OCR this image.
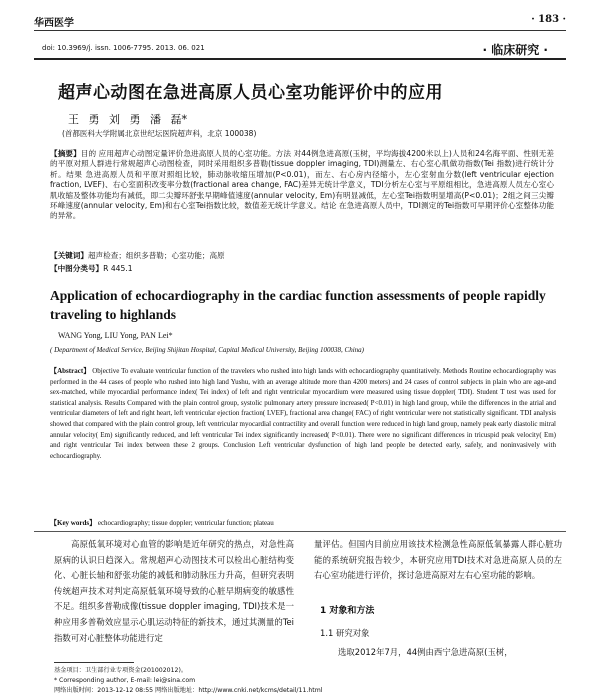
华西医学	· 183 ·
doi: 10.3969/j. issn. 1006-7795. 2013. 06. 021	· 临床研究 ·
超声心动图在急进高原人员心室功能评价中的应用
王 勇 刘 勇 潘 磊*
(首都医科大学附属北京世纪坛医院超声科，北京 100038)
【摘要】目的 应用超声心动图定量评价急进高原人员的心室功能。方法 对44例急进高原(玉树，平均海拔4200米以上)人员和24名海平面、性别无差的平原对照人群进行常规超声心动图检查，同时采用组织多普勒(tissue doppler imaging, TDI)测量左、右心室心肌做功指数(Tei 指数)进行统计分析。结果 急进高原人员和平原对照组比较，肺动脉收缩压增加(P<0.01)，而左、右心房内径缩小，左心室射血分数(left ventricular ejection fraction, LVEF)、右心室面积改变率分数(fractional area change, FAC)差异无统计学意义，TDI分析左心室与平原组相比，急进高原人员左心室心肌收缩及整体功能均有减低，即二尖瓣环舒张早期峰值速度(annular velocity, Em)有明显减低，左心室Tei指数明显增高(P<0.01)；2组之间三尖瓣环峰速度(annular velocity, Em)和右心室Tei指数比较，数值差无统计学意义。结论 在急进高原人员中，TDI测定的Tei指数可早期评价心室整体功能的异常。
【关键词】超声检查；组织多普勒；心室功能；高原
【中图分类号】R 445.1
Application of echocardiography in the cardiac function assessments of people rapidly traveling to highlands
WANG Yong, LIU Yong, PAN Lei*
( Department of Medical Service, Beijing Shijitan Hospital, Capital Medical University, Beijing 100038, China)
【Abstract】 Objective To evaluate ventricular function of the travelers who rushed into high lands with echocardiography quantitatively. Methods Routine echocardiography was performed in the 44 cases of people who rushed into high land Yushu, with an average altitude more than 4200 meters) and 24 cases of control subjects in plain who are age-and sex-matched, while myocardial performance index( Tei index) of left and right ventricular myocardium were measured using tissue doppler( TDI). Student T test was used for statistical analysis. Results Compared with the plain control group, systolic pulmonary artery pressure increased( P<0.01) in high land group, while the differences in the atrial and ventricular diameters of left and right heart, left ventricular ejection fraction( LVEF), fractional area change( FAC) of right ventricular were not statistically significant. TDI analysis showed that compared with the plain control group, left ventricular myocardial contractility and overall function were reduced in high land group, namely peak early diastolic mitral annular velocity( Em) significantly reduced, and left ventricular Tei index significantly increased( P<0.01). There were no significant differences in tricuspid peak velocity( Em) and right ventricular Tei index between these 2 groups. Conclusion Left ventricular dysfunction of high land people be detected early, safely, and noninvasively with echocardiography.
【Key words】 echocardiography; tissue doppler; ventricular function; plateau
高原低氧环境对心血管的影响是近年研究的热点，对急性高原病的认识日趋深入。常规超声心动图技术可以检出心脏结构变化、心脏长轴和舒张功能的减低和肺动脉压力升高，但研究表明传统超声技术对判定高原低氧环境导致的心脏早期病变的敏感性不足。组织多普勒成像(tissue doppler imaging, TDI)技术是一种应用多普勒效应显示心肌运动特征的新技术，通过其测量的Tei指数可对心脏整体功能进行定
量评估。但国内目前应用该技术检测急性高原低氧暴露人群心脏功能的系统研究报告较少，本研究应用TDI技术对急进高原人员的左右心室功能进行评价，探讨急进高原对左右心室功能的影响。
1 对象和方法
1.1 研究对象
选取2012年7月，44例由西宁急进高原(玉树，
基金项目：卫生部行业专项资金(201002012)。
* Corresponding author, E-mail: lei@sina.com
网络出版时间：2013-12-12 08:55 网络出版地址：http://www.cnki.net/kcms/detail/11.html
